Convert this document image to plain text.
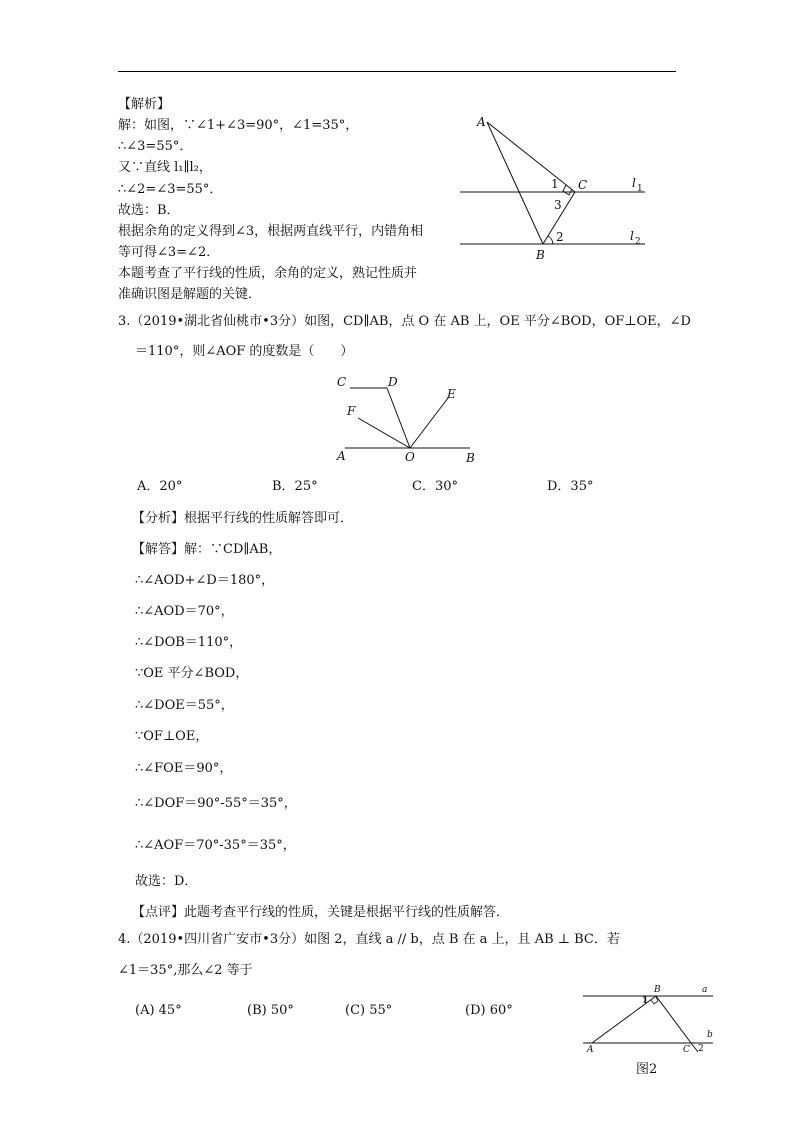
【解析】
解：如图，∵∠1+∠3=90°，∠1=35°，
∴∠3=55°．
又∵直线 l₁∥l₂，
∴∠2=∠3=55°．
故选：B．
根据余角的定义得到∠3，根据两直线平行，内错角相
等可得∠3=∠2．
本题考查了平行线的性质，余角的定义，熟记性质并
准确识图是解题的关键．
A
B
C
1
3
2
l 1
l 2
3.（2019•湖北省仙桃市•3分）如图，CD∥AB，点 O 在 AB 上，OE 平分∠BOD，OF⊥OE，∠D
＝110°，则∠AOF 的度数是（　　）
C	D
E
F
A	O	B
A．20°	B．25°	C．30°	D．35°
【分析】根据平行线的性质解答即可．
【解答】解：∵CD∥AB，
∴∠AOD+∠D＝180°，
∴∠AOD＝70°，
∴∠DOB＝110°，
∵OE 平分∠BOD，
∴∠DOE＝55°，
∵OF⊥OE，
∴∠FOE＝90°，
∴∠DOF＝90°-55°＝35°，
∴∠AOF＝70°-35°＝35°，
故选：D．
【点评】此题考查平行线的性质，关键是根据平行线的性质解答．
4.（2019•四川省广安市•3分）如图 2，直线 a // b，点 B 在 a 上，且 AB ⊥ BC．若
∠1＝35°,那么∠2 等于
(A) 45°	(B) 50°	(C) 55°	(D) 60°
B	a
b
A	C
1
2
图2
